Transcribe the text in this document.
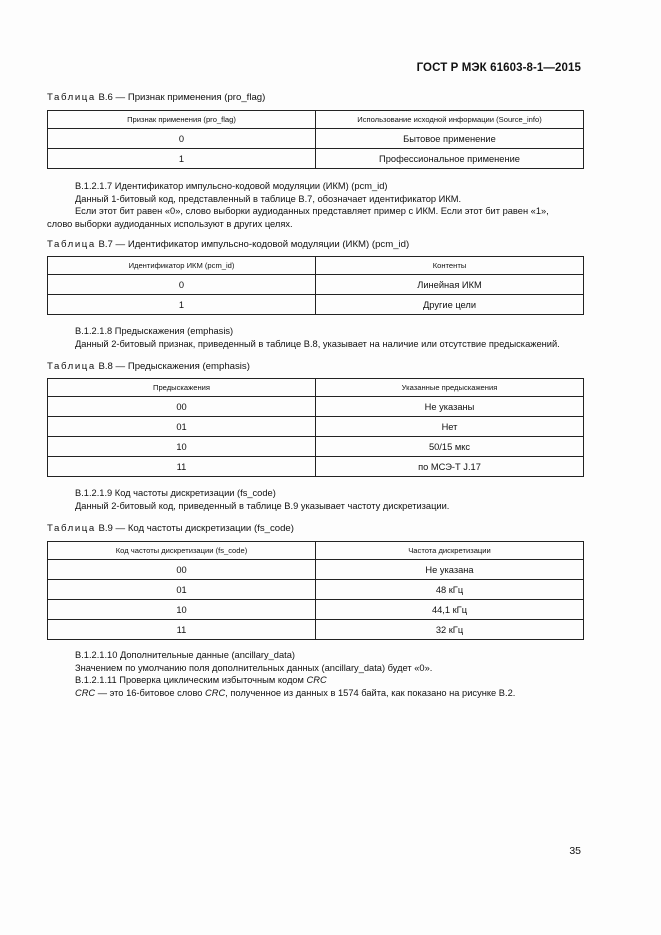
ГОСТ Р МЭК 61603-8-1—2015
Таблица В.6 — Признак применения (pro_flag)
Признак применения (pro_flag)	Использование исходной информации (Source_info)
0	Бытовое применение
1	Профессиональное применение
В.1.2.1.7 Идентификатор импульсно-кодовой модуляции (ИКМ) (pcm_id)
Данный 1-битовый код, представленный в таблице В.7, обозначает идентификатор ИКМ.
Если этот бит равен «0», слово выборки аудиоданных представляет пример с ИКМ. Если этот бит равен «1»,
слово выборки аудиоданных используют в других целях.
Таблица В.7 — Идентификатор импульсно-кодовой модуляции (ИКМ) (pcm_id)
Идентификатор ИКМ (pcm_id)	Контенты
0	Линейная ИКМ
1	Другие цели
В.1.2.1.8 Предыскажения (emphasis)
Данный 2-битовый признак, приведенный в таблице В.8, указывает на наличие или отсутствие предыскажений.
Таблица В.8 — Предыскажения (emphasis)
Предыскажения	Указанные предыскажения
00	Не указаны
01	Нет
10	50/15 мкс
11	по МСЭ-Т J.17
В.1.2.1.9 Код частоты дискретизации (fs_code)
Данный 2-битовый код, приведенный в таблице В.9 указывает частоту дискретизации.
Таблица В.9 — Код частоты дискретизации (fs_code)
Код частоты дискретизации (fs_code)	Частота дискретизации
00	Не указана
01	48 кГц
10	44,1 кГц
11	32 кГц
В.1.2.1.10 Дополнительные данные (ancillary_data)
Значением по умолчанию поля дополнительных данных (ancillary_data) будет «0».
В.1.2.1.11 Проверка циклическим избыточным кодом CRC
CRC — это 16-битовое слово CRC, полученное из данных в 1574 байта, как показано на рисунке В.2.
35
